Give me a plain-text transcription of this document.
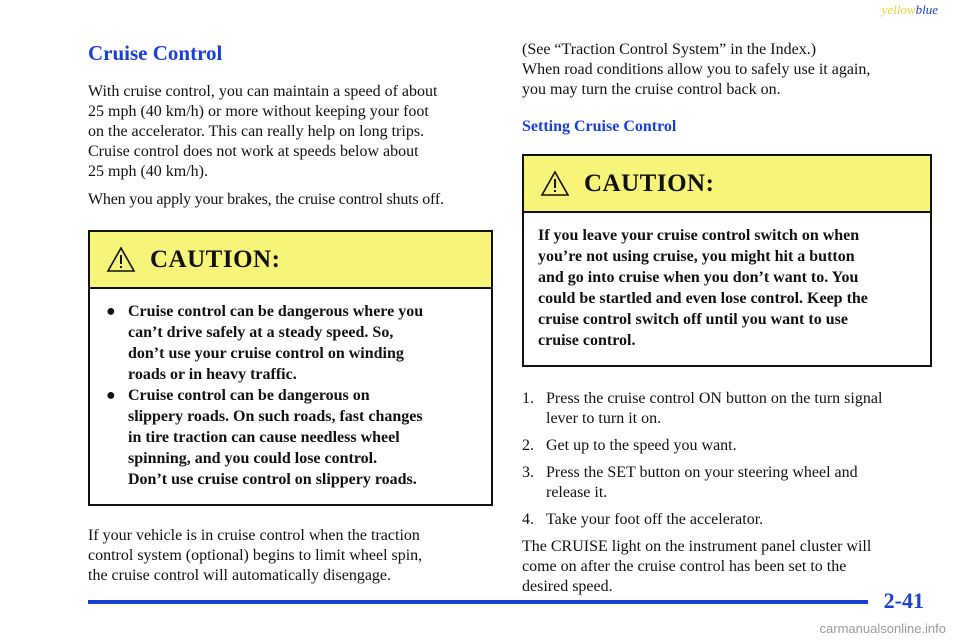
yellowblue
Cruise Control

With cruise control, you can maintain a speed of about
25 mph (40 km/h) or more without keeping your foot
on the accelerator. This can really help on long trips.
Cruise control does not work at speeds below about
25 mph (40 km/h).

When you apply your brakes, the cruise control shuts off.

CAUTION:
● Cruise control can be dangerous where you
can’t drive safely at a steady speed. So,
don’t use your cruise control on winding
roads or in heavy traffic.
● Cruise control can be dangerous on
slippery roads. On such roads, fast changes
in tire traction can cause needless wheel
spinning, and you could lose control.
Don’t use cruise control on slippery roads.

If your vehicle is in cruise control when the traction
control system (optional) begins to limit wheel spin,
the cruise control will automatically disengage.

(See “Traction Control System” in the Index.)
When road conditions allow you to safely use it again,
you may turn the cruise control back on.

Setting Cruise Control
CAUTION:
If you leave your cruise control switch on when
you’re not using cruise, you might hit a button
and go into cruise when you don’t want to. You
could be startled and even lose control. Keep the
cruise control switch off until you want to use
cruise control.
1. Press the cruise control ON button on the turn signal
lever to turn it on.
2. Get up to the speed you want.
3. Press the SET button on your steering wheel and
release it.
4. Take your foot off the accelerator.

The CRUISE light on the instrument panel cluster will
come on after the cruise control has been set to the
desired speed.

2-41
carmanualsonline.info
